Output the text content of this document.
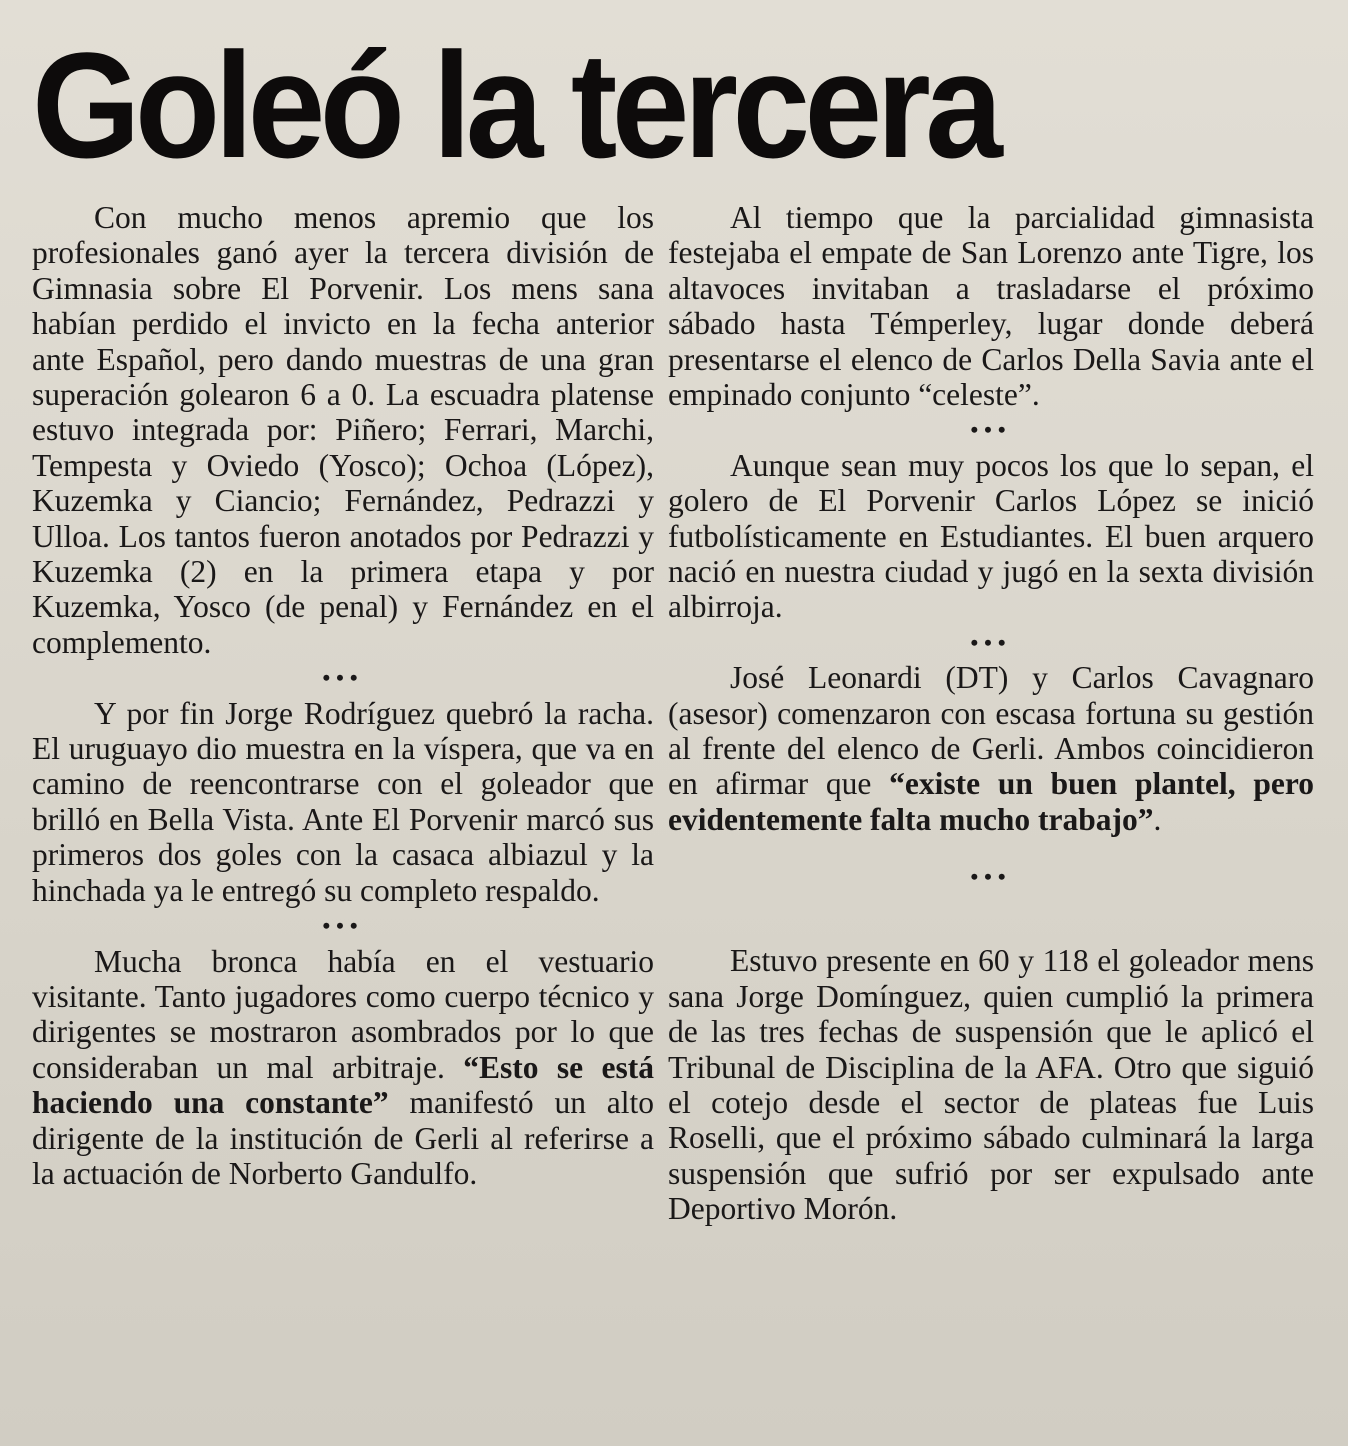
Goleó la tercera

Con mucho menos apremio que los profesionales ganó ayer la tercera división de Gimnasia sobre El Porvenir. Los mens sana habían perdido el invicto en la fecha anterior ante Español, pero dando muestras de una gran superación golearon 6 a 0. La escuadra platense estuvo integrada por: Piñero; Ferrari, Marchi, Tempesta y Oviedo (Yosco); Ochoa (López), Kuzemka y Ciancio; Fernández, Pedrazzi y Ulloa. Los tantos fueron anotados por Pedrazzi y Kuzemka (2) en la primera etapa y por Kuzemka, Yosco (de penal) y Fernández en el complemento.

•••

Y por fin Jorge Rodríguez quebró la racha. El uruguayo dio muestra en la víspera, que va en camino de reencontrarse con el goleador que brilló en Bella Vista. Ante El Porvenir marcó sus primeros dos goles con la casaca albiazul y la hinchada ya le entregó su completo respaldo.

•••

Mucha bronca había en el vestuario visitante. Tanto jugadores como cuerpo técnico y dirigentes se mostraron asombrados por lo que consideraban un mal arbitraje. “Esto se está haciendo una constante” manifestó un alto dirigente de la institución de Gerli al referirse a la actuación de Norberto Gandulfo.

Al tiempo que la parcialidad gimnasista festejaba el empate de San Lorenzo ante Tigre, los altavoces invitaban a trasladarse el próximo sábado hasta Témperley, lugar donde deberá presentarse el elenco de Carlos Della Savia ante el empinado conjunto “celeste”.

•••

Aunque sean muy pocos los que lo sepan, el golero de El Porvenir Carlos López se inició futbolísticamente en Estudiantes. El buen arquero nació en nuestra ciudad y jugó en la sexta división albirroja.

•••

José Leonardi (DT) y Carlos Cavagnaro (asesor) comenzaron con escasa fortuna su gestión al frente del elenco de Gerli. Ambos coincidieron en afirmar que “existe un buen plantel, pero evidentemente falta mucho trabajo”.

•••

Estuvo presente en 60 y 118 el goleador mens sana Jorge Domínguez, quien cumplió la primera de las tres fechas de suspensión que le aplicó el Tribunal de Disciplina de la AFA. Otro que siguió el cotejo desde el sector de plateas fue Luis Roselli, que el próximo sábado culminará la larga suspensión que sufrió por ser expulsado ante Deportivo Morón.
